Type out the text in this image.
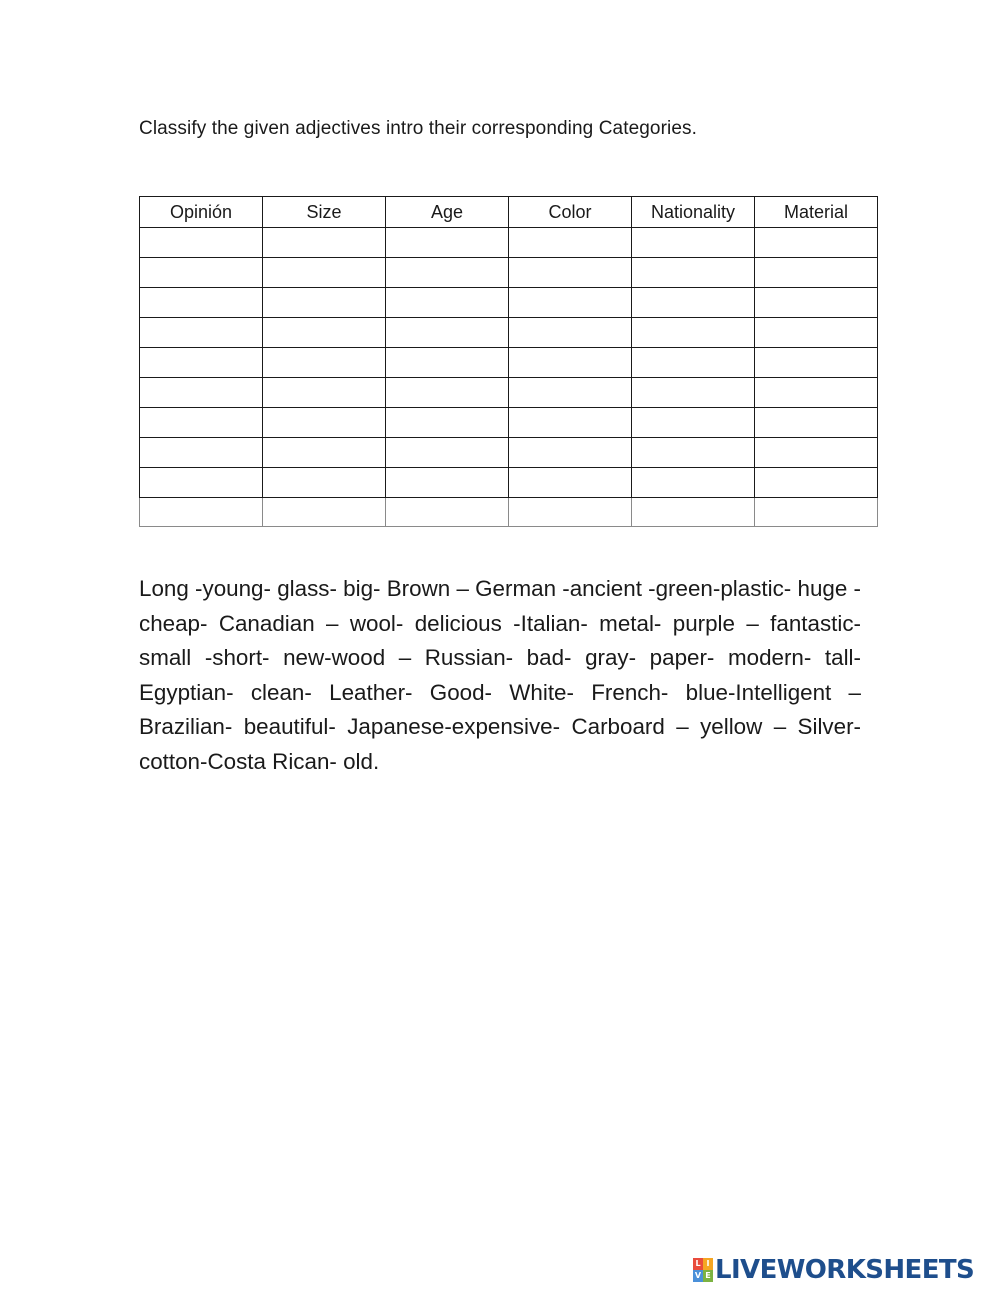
Classify the given adjectives intro their corresponding Categories.
Opinión	Size	Age	Color	Nationality	Material

Long -young- glass- big- Brown – German -ancient -green-plastic- huge -cheap- Canadian – wool- delicious -Italian- metal- purple – fantastic- small -short- new-wood – Russian- bad- gray- paper- modern- tall- Egyptian- clean- Leather- Good- White- French- blue-Intelligent – Brazilian- beautiful- Japanese-expensive- Carboard – yellow – Silver- cotton-Costa Rican- old.

L I
V E LIVEWORKSHEETS
